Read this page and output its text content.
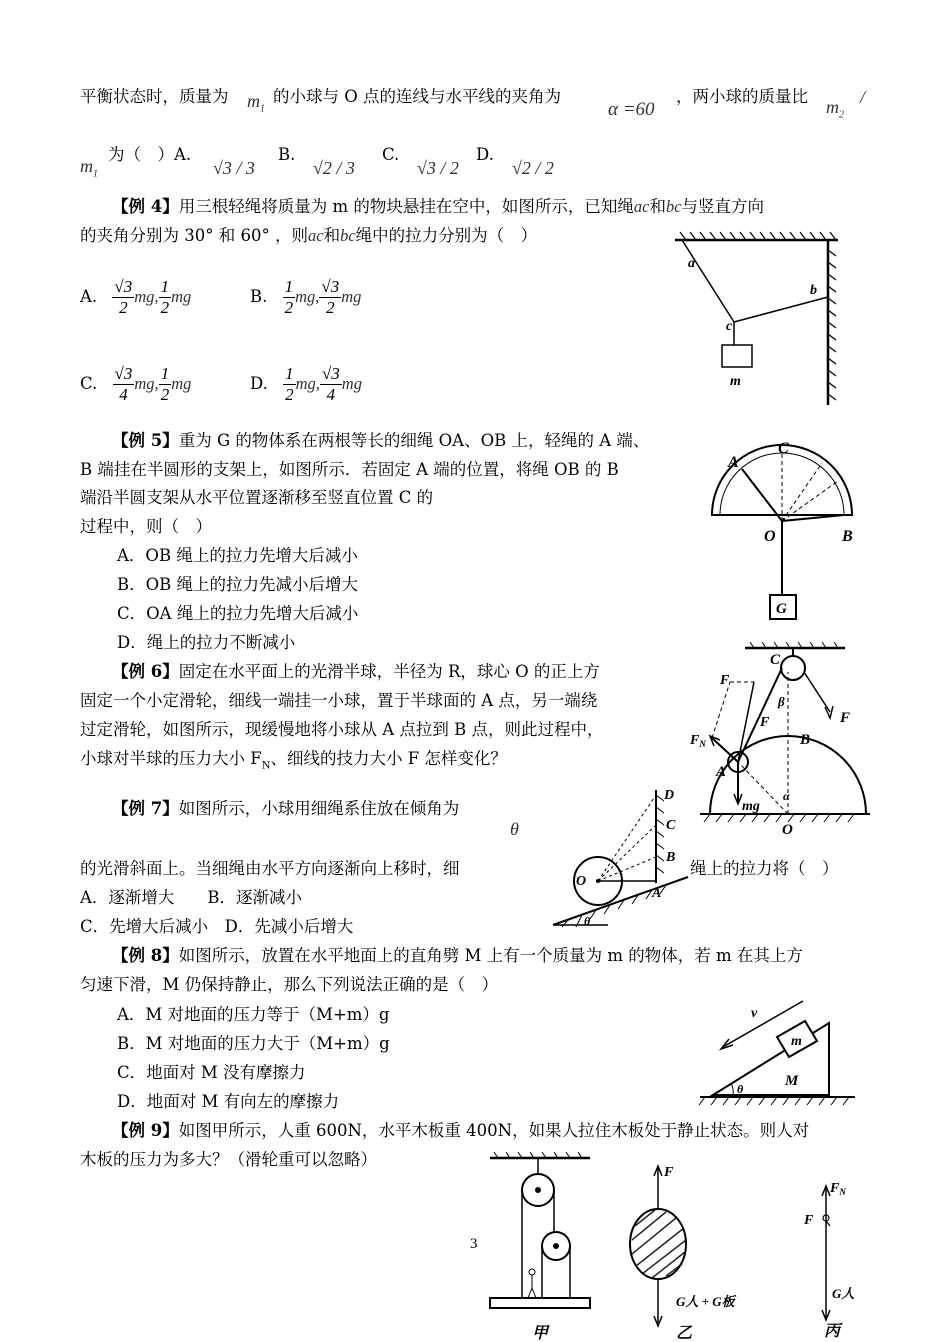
平衡状态时，质量为 $m_1$
的小球与 O 点的连线与水平线的夹角为
α =60
，两小球的质量比
$m_2$
/
$m_1$
为（　）A.
√3 / 3
B.
√2 / 3
C.
√3 / 2
D.
√2 / 2
【例 4】用三根轻绳将质量为 m 的物块悬挂在空中，如图所示，已知绳ac和bc与竖直方向
的夹角分别为 30° 和 60° ，则ac和bc绳中的拉力分别为（　）
A. $\frac{√3}{2}$ mg, $\frac{1}{2}$ mg	B. $\frac{1}{2}$ mg, $\frac{√3}{2}$ mg
C. $\frac{√3}{4}$ mg, $\frac{1}{2}$ mg	D. $\frac{1}{2}$ mg, $\frac{√3}{4}$ mg
a
b
c
m
【例 5】重为 G 的物体系在两根等长的细绳 OA、OB 上，轻绳的 A 端、
B 端挂在半圆形的支架上，如图所示．若固定 A 端的位置，将绳 OB 的 B
端沿半圆支架从水平位置逐渐移至竖直位置 C 的
过程中，则（　）
A．OB 绳上的拉力先增大后减小
B．OB 绳上的拉力先减小后增大
C．OA 绳上的拉力先增大后减小
D．绳上的拉力不断减小
A
C
O	B
G
【例 6】固定在水平面上的光滑半球，半径为 R，球心 O 的正上方
固定一个小定滑轮，细线一端挂一小球，置于半球面的 A 点，另一端绕
过定滑轮，如图所示，现缓慢地将小球从 A 点拉到 B 点，则此过程中，
小球对半球的压力大小 $F_N$、细线的技力大小 F 怎样变化？
C
F
F
F
$F_N$
β
B
A
mg
α
O
【例 7】如图所示，小球用细绳系住放在倾角为
θ
的光滑斜面上。当细绳由水平方向逐渐向上移时，细	绳上的拉力将（　）
A．逐渐增大　　B．逐渐减小
C．先增大后减小　D．先减小后增大
O
D
C
B
A
θ
【例 8】如图所示，放置在水平地面上的直角劈 M 上有一个质量为 m 的物体，若 m 在其上方
匀速下滑，M 仍保持静止，那么下列说法正确的是（　）
A．M 对地面的压力等于（M+m）g
B．M 对地面的压力大于（M+m）g
C．地面对 M 没有摩擦力
D．地面对 M 有向左的摩擦力
v
m
M
θ
【例 9】如图甲所示，人重 600N，水平木板重 400N，如果人拉住木板处于静止状态。则人对
木板的压力为多大？（滑轮重可以忽略）
3
甲
F
G人 + G板
乙
$F_N$
F
G人
丙
